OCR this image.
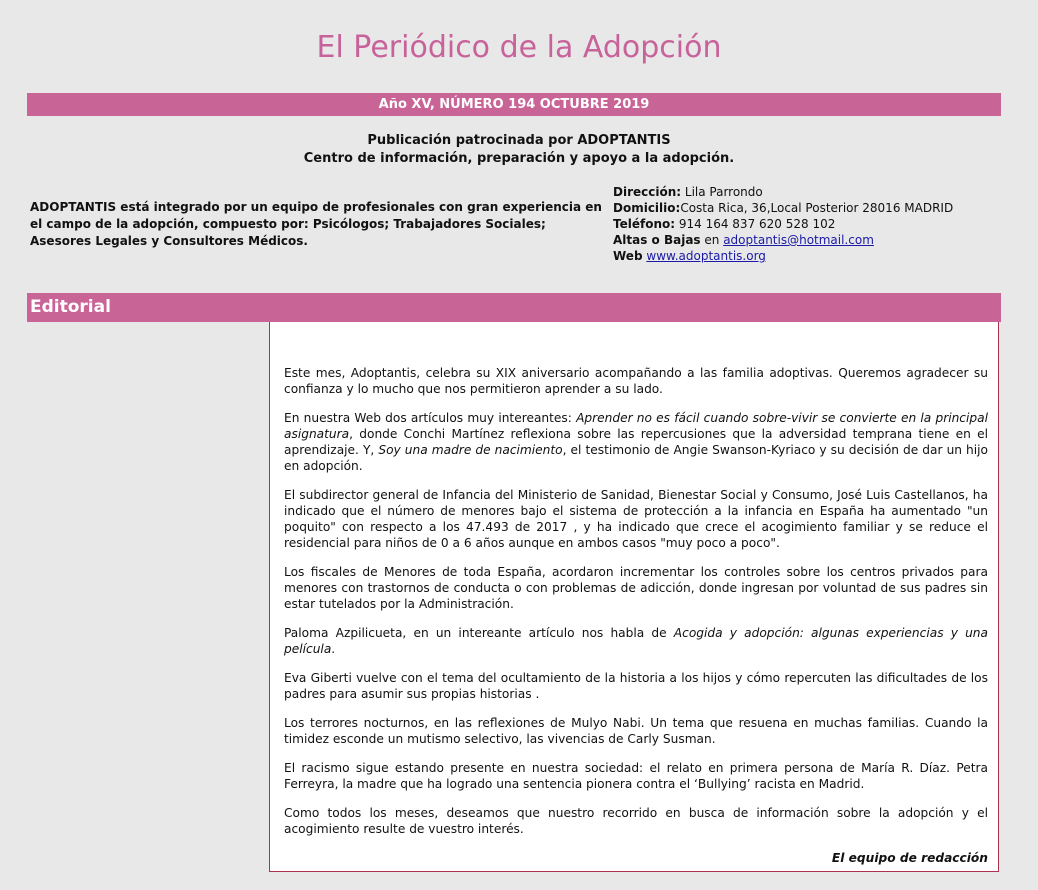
El Periódico de la Adopción
Año XV, NÚMERO 194 OCTUBRE 2019
Publicación patrocinada por ADOPTANTIS
Centro de información, preparación y apoyo a la adopción.
ADOPTANTIS está integrado por un equipo de profesionales con gran experiencia en el campo de la adopción, compuesto por: Psicólogos; Trabajadores Sociales; Asesores Legales y Consultores Médicos.
Dirección: Lila Parrondo
Domicilio:Costa Rica, 36,Local Posterior 28016 MADRID
Teléfono: 914 164 837 620 528 102
Altas o Bajas en adoptantis@hotmail.com
Web www.adoptantis.org
Editorial

Este mes, Adoptantis, celebra su XIX aniversario acompañando a las familia adoptivas. Queremos agradecer su confianza y lo mucho que nos permitieron aprender a su lado.

En nuestra Web dos artículos muy intereantes: Aprender no es fácil cuando sobre-vivir se convierte en la principal asignatura, donde Conchi Martínez reflexiona sobre las repercusiones que la adversidad temprana tiene en el aprendizaje. Y, Soy una madre de nacimiento, el testimonio de Angie Swanson-Kyriaco y su decisión de dar un hijo en adopción.

El subdirector general de Infancia del Ministerio de Sanidad, Bienestar Social y Consumo, José Luis Castellanos, ha indicado que el número de menores bajo el sistema de protección a la infancia en España ha aumentado "un poquito" con respecto a los 47.493 de 2017 , y ha indicado que crece el acogimiento familiar y se reduce el residencial para niños de 0 a 6 años aunque en ambos casos "muy poco a poco".

Los fiscales de Menores de toda España, acordaron incrementar los controles sobre los centros privados para menores con trastornos de conducta o con problemas de adicción, donde ingresan por voluntad de sus padres sin estar tutelados por la Administración.

Paloma Azpilicueta, en un intereante artículo nos habla de Acogida y adopción: algunas experiencias y una película.

Eva Giberti vuelve con el tema del ocultamiento de la historia a los hijos y cómo repercuten las dificultades de los padres para asumir sus propias historias .

Los terrores nocturnos, en las reflexiones de Mulyo Nabi. Un tema que resuena en muchas familias. Cuando la timidez esconde un mutismo selectivo, las vivencias de Carly Susman.

El racismo sigue estando presente en nuestra sociedad: el relato en primera persona de María R. Díaz. Petra Ferreyra, la madre que ha logrado una sentencia pionera contra el ‘Bullying’ racista en Madrid.

Como todos los meses, deseamos que nuestro recorrido en busca de información sobre la adopción y el acogimiento resulte de vuestro interés.

El equipo de redacción
